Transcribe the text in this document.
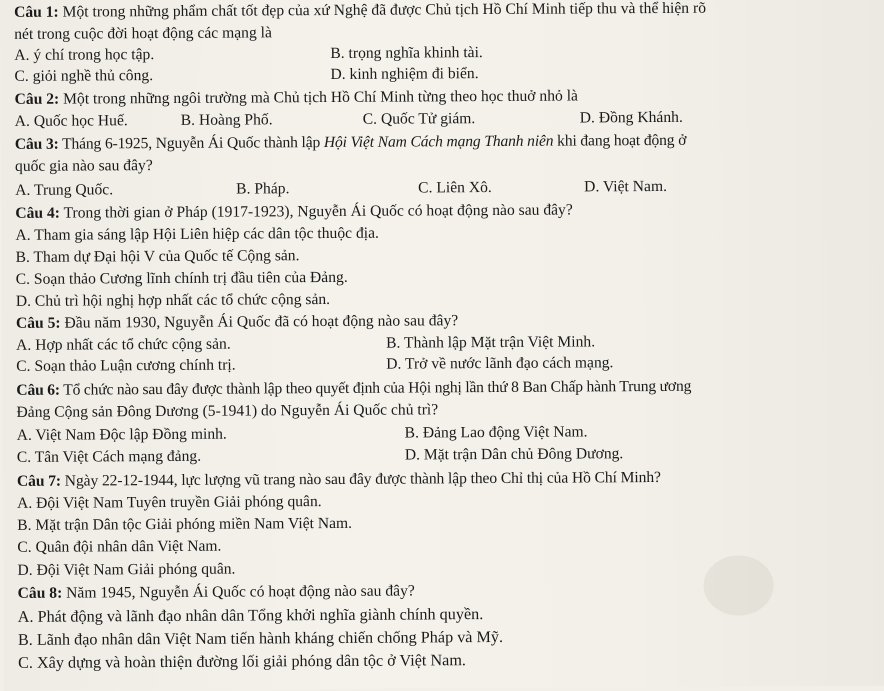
Câu 1: Một trong những phẩm chất tốt đẹp của xứ Nghệ đã được Chủ tịch Hồ Chí Minh tiếp thu và thể hiện rõ
nét trong cuộc đời hoạt động các mạng là
A. ý chí trong học tập.	B. trọng nghĩa khinh tài.
C. giỏi nghề thủ công.	D. kinh nghiệm đi biển.
Câu 2: Một trong những ngôi trường mà Chủ tịch Hồ Chí Minh từng theo học thuở nhỏ là
A. Quốc học Huế.	B. Hoàng Phố.	C. Quốc Tử giám.	D. Đồng Khánh.
Câu 3: Tháng 6-1925, Nguyễn Ái Quốc thành lập Hội Việt Nam Cách mạng Thanh niên khi đang hoạt động ở
quốc gia nào sau đây?
A. Trung Quốc.	B. Pháp.	C. Liên Xô.	D. Việt Nam.
Câu 4: Trong thời gian ở Pháp (1917-1923), Nguyễn Ái Quốc có hoạt động nào sau đây?
A. Tham gia sáng lập Hội Liên hiệp các dân tộc thuộc địa.
B. Tham dự Đại hội V của Quốc tế Cộng sản.
C. Soạn thảo Cương lĩnh chính trị đầu tiên của Đảng.
D. Chủ trì hội nghị hợp nhất các tổ chức cộng sản.
Câu 5: Đầu năm 1930, Nguyễn Ái Quốc đã có hoạt động nào sau đây?
A. Hợp nhất các tổ chức cộng sản.	B. Thành lập Mặt trận Việt Minh.
C. Soạn thảo Luận cương chính trị.	D. Trở về nước lãnh đạo cách mạng.
Câu 6: Tổ chức nào sau đây được thành lập theo quyết định của Hội nghị lần thứ 8 Ban Chấp hành Trung ương
Đảng Cộng sản Đông Dương (5-1941) do Nguyễn Ái Quốc chủ trì?
A. Việt Nam Độc lập Đồng minh.	B. Đảng Lao động Việt Nam.
C. Tân Việt Cách mạng đảng.	D. Mặt trận Dân chủ Đông Dương.
Câu 7: Ngày 22-12-1944, lực lượng vũ trang nào sau đây được thành lập theo Chỉ thị của Hồ Chí Minh?
A. Đội Việt Nam Tuyên truyền Giải phóng quân.
B. Mặt trận Dân tộc Giải phóng miền Nam Việt Nam.
C. Quân đội nhân dân Việt Nam.
D. Đội Việt Nam Giải phóng quân.
Câu 8: Năm 1945, Nguyễn Ái Quốc có hoạt động nào sau đây?
A. Phát động và lãnh đạo nhân dân Tổng khởi nghĩa giành chính quyền.
B. Lãnh đạo nhân dân Việt Nam tiến hành kháng chiến chống Pháp và Mỹ.
C. Xây dựng và hoàn thiện đường lối giải phóng dân tộc ở Việt Nam.
